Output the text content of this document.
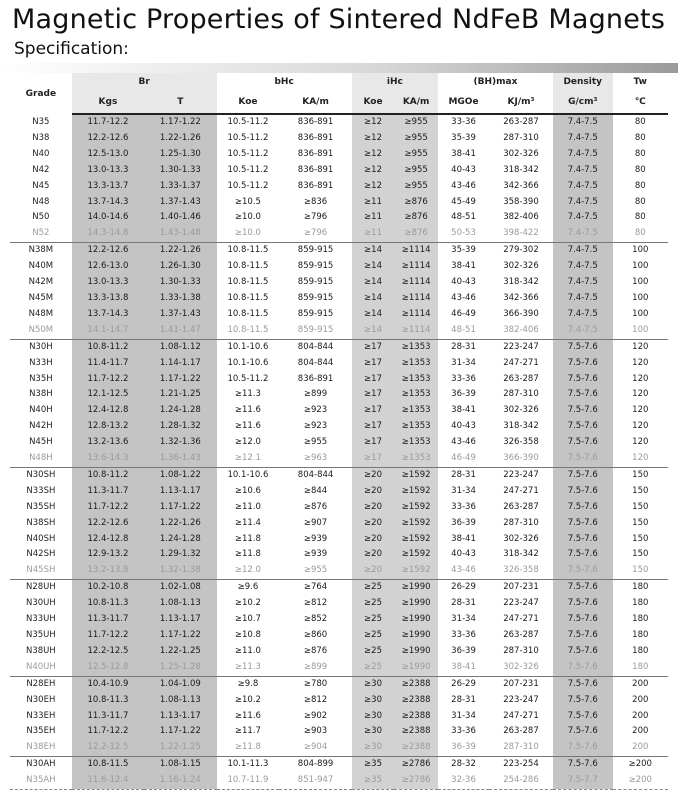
Magnetic Properties of Sintered NdFeB Magnets
Specification:
Grade	Br		bHc		iHc		(BH)max		Density	Tw
	Kgs	T	Koe	KA/m	Koe	KA/m	MGOe	KJ/m³	G/cm³	℃
N35	11.7-12.2	1.17-1.22	10.5-11.2	836-891	≥12	≥955	33-36	263-287	7.4-7.5	80
N38	12.2-12.6	1.22-1.26	10.5-11.2	836-891	≥12	≥955	35-39	287-310	7.4-7.5	80
N40	12.5-13.0	1.25-1.30	10.5-11.2	836-891	≥12	≥955	38-41	302-326	7.4-7.5	80
N42	13.0-13.3	1.30-1.33	10.5-11.2	836-891	≥12	≥955	40-43	318-342	7.4-7.5	80
N45	13.3-13.7	1.33-1.37	10.5-11.2	836-891	≥12	≥955	43-46	342-366	7.4-7.5	80
N48	13.7-14.3	1.37-1.43	≥10.5	≥836	≥11	≥876	45-49	358-390	7.4-7.5	80
N50	14.0-14.6	1.40-1.46	≥10.0	≥796	≥11	≥876	48-51	382-406	7.4-7.5	80
N52	14.3-14.8	1.43-1.48	≥10.0	≥796	≥11	≥876	50-53	398-422	7.4-7.5	80
N38M	12.2-12.6	1.22-1.26	10.8-11.5	859-915	≥14	≥1114	35-39	279-302	7.4-7.5	100
N40M	12.6-13.0	1.26-1.30	10.8-11.5	859-915	≥14	≥1114	38-41	302-326	7.4-7.5	100
N42M	13.0-13.3	1.30-1.33	10.8-11.5	859-915	≥14	≥1114	40-43	318-342	7.4-7.5	100
N45M	13.3-13.8	1.33-1.38	10.8-11.5	859-915	≥14	≥1114	43-46	342-366	7.4-7.5	100
N48M	13.7-14.3	1.37-1.43	10.8-11.5	859-915	≥14	≥1114	46-49	366-390	7.4-7.5	100
N50M	14.1-14.7	1.41-1.47	10.8-11.5	859-915	≥14	≥1114	48-51	382-406	7.4-7.5	100
N30H	10.8-11.2	1.08-1.12	10.1-10.6	804-844	≥17	≥1353	28-31	223-247	7.5-7.6	120
N33H	11.4-11.7	1.14-1.17	10.1-10.6	804-844	≥17	≥1353	31-34	247-271	7.5-7.6	120
N35H	11.7-12.2	1.17-1.22	10.5-11.2	836-891	≥17	≥1353	33-36	263-287	7.5-7.6	120
N38H	12.1-12.5	1.21-1.25	≥11.3	≥899	≥17	≥1353	36-39	287-310	7.5-7.6	120
N40H	12.4-12.8	1.24-1.28	≥11.6	≥923	≥17	≥1353	38-41	302-326	7.5-7.6	120
N42H	12.8-13.2	1.28-1.32	≥11.6	≥923	≥17	≥1353	40-43	318-342	7.5-7.6	120
N45H	13.2-13.6	1.32-1.36	≥12.0	≥955	≥17	≥1353	43-46	326-358	7.5-7.6	120
N48H	13.6-14.3	1.36-1.43	≥12.1	≥963	≥17	≥1353	46-49	366-390	7.5-7.6	120
N30SH	10.8-11.2	1.08-1.22	10.1-10.6	804-844	≥20	≥1592	28-31	223-247	7.5-7.6	150
N33SH	11.3-11.7	1.13-1.17	≥10.6	≥844	≥20	≥1592	31-34	247-271	7.5-7.6	150
N35SH	11.7-12.2	1.17-1.22	≥11.0	≥876	≥20	≥1592	33-36	263-287	7.5-7.6	150
N38SH	12.2-12.6	1.22-1.26	≥11.4	≥907	≥20	≥1592	36-39	287-310	7.5-7.6	150
N40SH	12.4-12.8	1.24-1.28	≥11.8	≥939	≥20	≥1592	38-41	302-326	7.5-7.6	150
N42SH	12.9-13.2	1.29-1.32	≥11.8	≥939	≥20	≥1592	40-43	318-342	7.5-7.6	150
N45SH	13.2-13.8	1.32-1.38	≥12.0	≥955	≥20	≥1592	43-46	326-358	7.5-7.6	150
N28UH	10.2-10.8	1.02-1.08	≥9.6	≥764	≥25	≥1990	26-29	207-231	7.5-7.6	180
N30UH	10.8-11.3	1.08-1.13	≥10.2	≥812	≥25	≥1990	28-31	223-247	7.5-7.6	180
N33UH	11.3-11.7	1.13-1.17	≥10.7	≥852	≥25	≥1990	31-34	247-271	7.5-7.6	180
N35UH	11.7-12.2	1.17-1.22	≥10.8	≥860	≥25	≥1990	33-36	263-287	7.5-7.6	180
N38UH	12.2-12.5	1.22-1.25	≥11.0	≥876	≥25	≥1990	36-39	287-310	7.5-7.6	180
N40UH	12.5-12.8	1.25-1.28	≥11.3	≥899	≥25	≥1990	38-41	302-326	7.5-7.6	180
N28EH	10.4-10.9	1.04-1.09	≥9.8	≥780	≥30	≥2388	26-29	207-231	7.5-7.6	200
N30EH	10.8-11.3	1.08-1.13	≥10.2	≥812	≥30	≥2388	28-31	223-247	7.5-7.6	200
N33EH	11.3-11.7	1.13-1.17	≥11.6	≥902	≥30	≥2388	31-34	247-271	7.5-7.6	200
N35EH	11.7-12.2	1.17-1.22	≥11.7	≥903	≥30	≥2388	33-36	263-287	7.5-7.6	200
N38EH	12.2-12.5	1.22-1.25	≥11.8	≥904	≥30	≥2388	36-39	287-310	7.5-7.6	200
N30AH	10.8-11.5	1.08-1.15	10.1-11.3	804-899	≥35	≥2786	28-32	223-254	7.5-7.6	≥200
N35AH	11.6-12.4	1.16-1.24	10.7-11.9	851-947	≥35	≥2786	32-36	254-286	7.5-7.7	≥200
